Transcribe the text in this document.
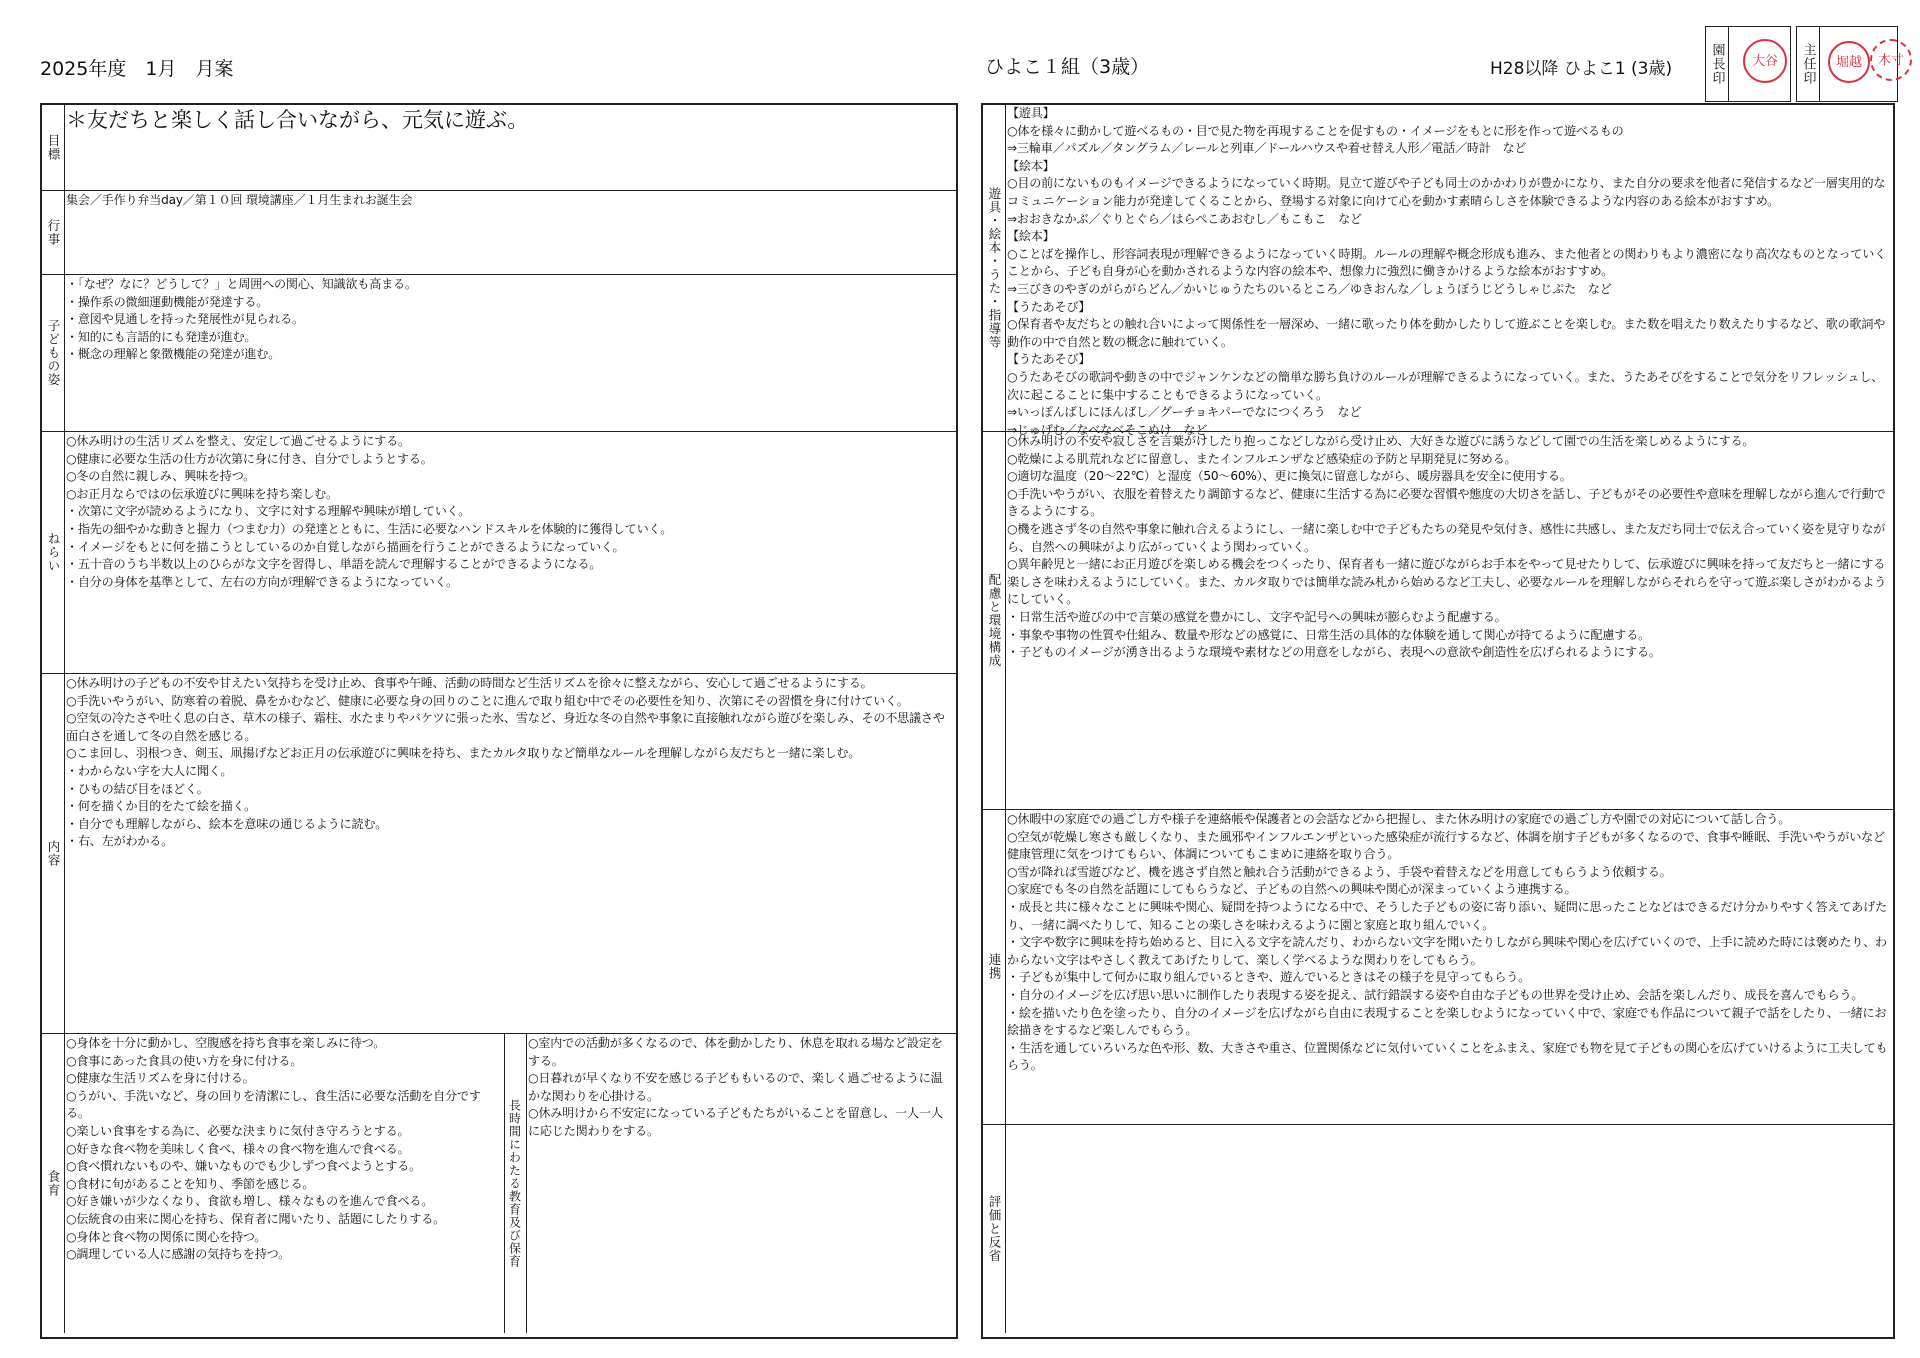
2025年度　1月　月案	ひよこ１組（3歳）	H28以降 ひよこ1 (3歳)	園長印 大谷 主任印 堀越 木寸
目標
＊友だちと楽しく話し合いながら、元気に遊ぶ。
行事
集会／手作り弁当day／第１０回 環境講座／１月生まれお誕生会
子どもの姿
・「なぜ？なに？どうして？」と周囲への関心、知識欲も高まる。
・操作系の微細運動機能が発達する。
・意図や見通しを持った発展性が見られる。
・知的にも言語的にも発達が進む。
・概念の理解と象徴機能の発達が進む。
ねらい
○休み明けの生活リズムを整え、安定して過ごせるようにする。
○健康に必要な生活の仕方が次第に身に付き、自分でしようとする。
○冬の自然に親しみ、興味を持つ。
○お正月ならではの伝承遊びに興味を持ち楽しむ。
・次第に文字が読めるようになり、文字に対する理解や興味が増していく。
・指先の細やかな動きと握力（つまむ力）の発達とともに、生活に必要なハンドスキルを体験的に獲得していく。
・イメージをもとに何を描こうとしているのか自覚しながら描画を行うことができるようになっていく。
・五十音のうち半数以上のひらがな文字を習得し、単語を読んで理解することができるようになる。
・自分の身体を基準として、左右の方向が理解できるようになっていく。
内容
○休み明けの子どもの不安や甘えたい気持ちを受け止め、食事や午睡、活動の時間など生活リズムを徐々に整えながら、安心して過ごせるようにする。
○手洗いやうがい、防寒着の着脱、鼻をかむなど、健康に必要な身の回りのことに進んで取り組む中でその必要性を知り、次第にその習慣を身に付けていく。
○空気の冷たさや吐く息の白さ、草木の様子、霜柱、水たまりやバケツに張った氷、雪など、身近な冬の自然や事象に直接触れながら遊びを楽しみ、その不思議さや面白さを通して冬の自然を感じる。
○こま回し、羽根つき、剣玉、凧揚げなどお正月の伝承遊びに興味を持ち、またカルタ取りなど簡単なルールを理解しながら友だちと一緒に楽しむ。
・わからない字を大人に聞く。
・ひもの結び目をほどく。
・何を描くか目的をたて絵を描く。
・自分でも理解しながら、絵本を意味の通じるように読む。
・右、左がわかる。
食育
○身体を十分に動かし、空腹感を持ち食事を楽しみに待つ。
○食事にあった食具の使い方を身に付ける。
○健康な生活リズムを身に付ける。
○うがい、手洗いなど、身の回りを清潔にし、食生活に必要な活動を自分でする。
○楽しい食事をする為に、必要な決まりに気付き守ろうとする。
○好きな食べ物を美味しく食べ、様々の食べ物を進んで食べる。
○食べ慣れないものや、嫌いなものでも少しずつ食べようとする。
○食材に旬があることを知り、季節を感じる。
○好き嫌いが少なくなり、食欲も増し、様々なものを進んで食べる。
○伝統食の由来に関心を持ち、保育者に聞いたり、話題にしたりする。
○身体と食べ物の関係に関心を持つ。
○調理している人に感謝の気持ちを持つ。	長時間にわたる教育及び保育
○室内での活動が多くなるので、体を動かしたり、休息を取れる場など設定をする。
○日暮れが早くなり不安を感じる子どももいるので、楽しく過ごせるように温かな関わりを心掛ける。
○休み明けから不安定になっている子どもたちがいることを留意し、一人一人に応じた関わりをする。
遊具・絵本・うた・指導等
【遊具】
○体を様々に動かして遊べるもの・目で見た物を再現することを促すもの・イメージをもとに形を作って遊べるもの
⇒三輪車／パズル／タングラム／レールと列車／ドールハウスや着せ替え人形／電話／時計　など
【絵本】
○目の前にないものもイメージできるようになっていく時期。見立て遊びや子ども同士のかかわりが豊かになり、また自分の要求を他者に発信するなど一層実用的なコミュニケーション能力が発達してくることから、登場する対象に向けて心を動かす素晴らしさを体験できるような内容のある絵本がおすすめ。
⇒おおきなかぶ／ぐりとぐら／はらぺこあおむし／もこもこ　など
【絵本】
○ことばを操作し、形容詞表現が理解できるようになっていく時期。ルールの理解や概念形成も進み、また他者との関わりもより濃密になり高次なものとなっていくことから、子ども自身が心を動かされるような内容の絵本や、想像力に強烈に働きかけるような絵本がおすすめ。
⇒三びきのやぎのがらがらどん／かいじゅうたちのいるところ／ゆきおんな／しょうぼうじどうしゃじぷた　など
【うたあそび】
○保育者や友だちとの触れ合いによって関係性を一層深め、一緒に歌ったり体を動かしたりして遊ぶことを楽しむ。また数を唱えたり数えたりするなど、歌の歌詞や動作の中で自然と数の概念に触れていく。
【うたあそび】
○うたあそびの歌詞や動きの中でジャンケンなどの簡単な勝ち負けのルールが理解できるようになっていく。また、うたあそびをすることで気分をリフレッシュし、次に起こることに集中することもできるようになっていく。
⇒いっぽんばしにほんばし／グーチョキパーでなにつくろう　など
⇒じゅげむ／なべなべそこぬけ　など
配慮と環境構成
○休み明けの不安や寂しさを言葉がけしたり抱っこなどしながら受け止め、大好きな遊びに誘うなどして園での生活を楽しめるようにする。
○乾燥による肌荒れなどに留意し、またインフルエンザなど感染症の予防と早期発見に努める。
○適切な温度（20～22℃）と湿度（50～60%）、更に換気に留意しながら、暖房器具を安全に使用する。
○手洗いやうがい、衣服を着替えたり調節するなど、健康に生活する為に必要な習慣や態度の大切さを話し、子どもがその必要性や意味を理解しながら進んで行動できるようにする。
○機を逃さず冬の自然や事象に触れ合えるようにし、一緒に楽しむ中で子どもたちの発見や気付き、感性に共感し、また友だち同士で伝え合っていく姿を見守りながら、自然への興味がより広がっていくよう関わっていく。
○異年齢児と一緒にお正月遊びを楽しめる機会をつくったり、保育者も一緒に遊びながらお手本をやって見せたりして、伝承遊びに興味を持って友だちと一緒にする楽しさを味わえるようにしていく。また、カルタ取りでは簡単な読み札から始めるなど工夫し、必要なルールを理解しながらそれらを守って遊ぶ楽しさがわかるようにしていく。
・日常生活や遊びの中で言葉の感覚を豊かにし、文字や記号への興味が膨らむよう配慮する。
・事象や事物の性質や仕組み、数量や形などの感覚に、日常生活の具体的な体験を通して関心が持てるように配慮する。
・子どものイメージが湧き出るような環境や素材などの用意をしながら、表現への意欲や創造性を広げられるようにする。
連携
○休暇中の家庭での過ごし方や様子を連絡帳や保護者との会話などから把握し、また休み明けの家庭での過ごし方や園での対応について話し合う。
○空気が乾燥し寒さも厳しくなり、また風邪やインフルエンザといった感染症が流行するなど、体調を崩す子どもが多くなるので、食事や睡眠、手洗いやうがいなど健康管理に気をつけてもらい、体調についてもこまめに連絡を取り合う。
○雪が降れば雪遊びなど、機を逃さず自然と触れ合う活動ができるよう、手袋や着替えなどを用意してもらうよう依頼する。
○家庭でも冬の自然を話題にしてもらうなど、子どもの自然への興味や関心が深まっていくよう連携する。
・成長と共に様々なことに興味や関心、疑問を持つようになる中で、そうした子どもの姿に寄り添い、疑問に思ったことなどはできるだけ分かりやすく答えてあげたり、一緒に調べたりして、知ることの楽しさを味わえるように園と家庭と取り組んでいく。
・文字や数字に興味を持ち始めると、目に入る文字を読んだり、わからない文字を聞いたりしながら興味や関心を広げていくので、上手に読めた時には褒めたり、わからない文字はやさしく教えてあげたりして、楽しく学べるような関わりをしてもらう。
・子どもが集中して何かに取り組んでいるときや、遊んでいるときはその様子を見守ってもらう。
・自分のイメージを広げ思い思いに制作したり表現する姿を捉え、試行錯誤する姿や自由な子どもの世界を受け止め、会話を楽しんだり、成長を喜んでもらう。
・絵を描いたり色を塗ったり、自分のイメージを広げながら自由に表現することを楽しむようになっていく中で、家庭でも作品について親子で話をしたり、一緒にお絵描きをするなど楽しんでもらう。
・生活を通していろいろな色や形、数、大きさや重さ、位置関係などに気付いていくことをふまえ、家庭でも物を見て子どもの関心を広げていけるように工夫してもらう。
評価と反省
